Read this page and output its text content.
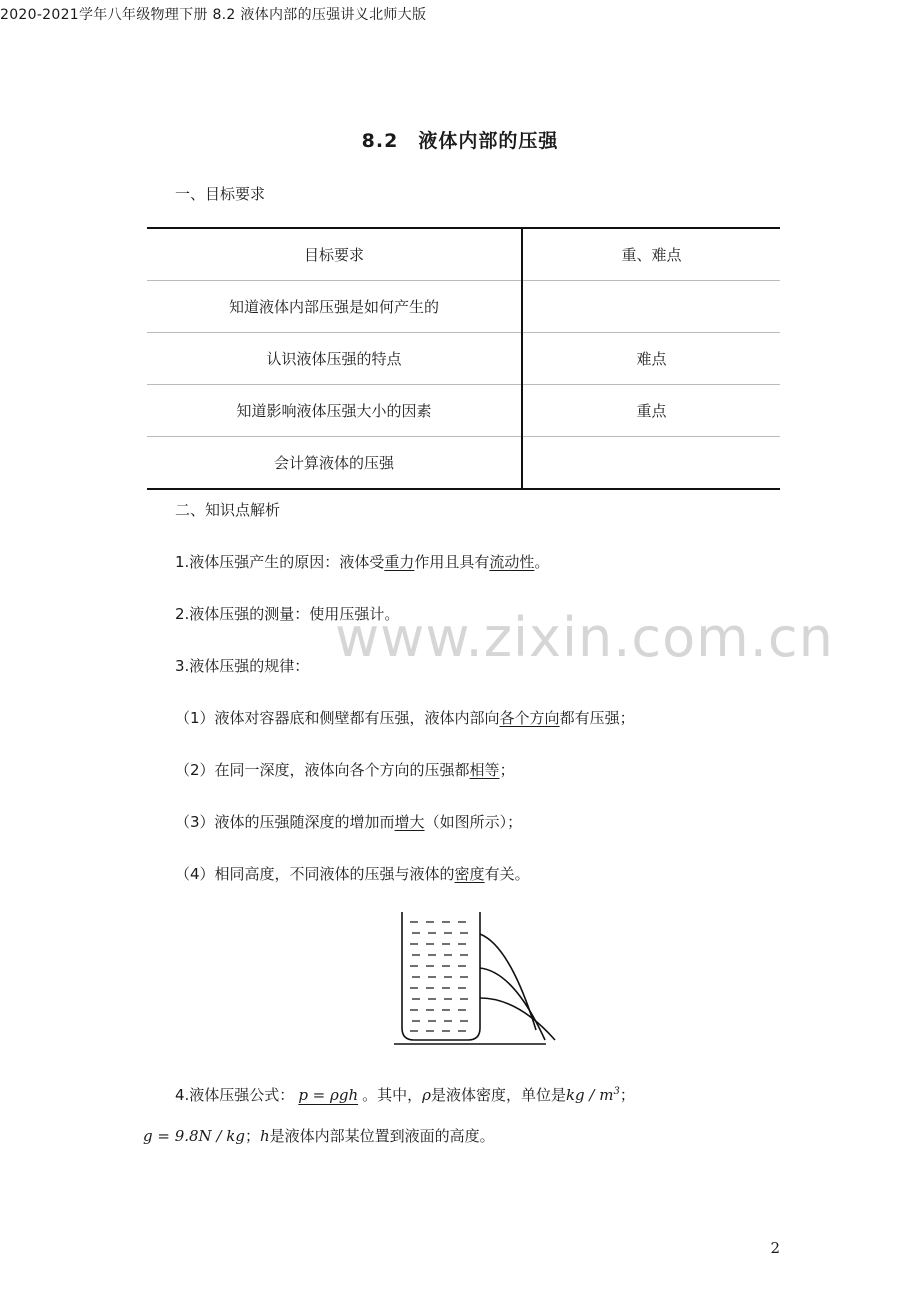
2020-2021学年八年级物理下册 8.2 液体内部的压强讲义北师大版
www.zixin.com.cn
8.2　液体内部的压强
一、目标要求
目标要求	重、难点
知道液体内部压强是如何产生的	
认识液体压强的特点	难点
知道影响液体压强大小的因素	重点
会计算液体的压强	
二、知识点解析
1.液体压强产生的原因：液体受重力作用且具有流动性。
2.液体压强的测量：使用压强计。
3.液体压强的规律：
（1）液体对容器底和侧壁都有压强，液体内部向各个方向都有压强；
（2）在同一深度，液体向各个方向的压强都相等；
（3）液体的压强随深度的增加而增大（如图所示）；
（4）相同高度，不同液体的压强与液体的密度有关。
4.液体压强公式： p = ρgh 。其中，ρ是液体密度，单位是kg / $m^3$；
g = 9.8N / kg；h是液体内部某位置到液面的高度。
2
